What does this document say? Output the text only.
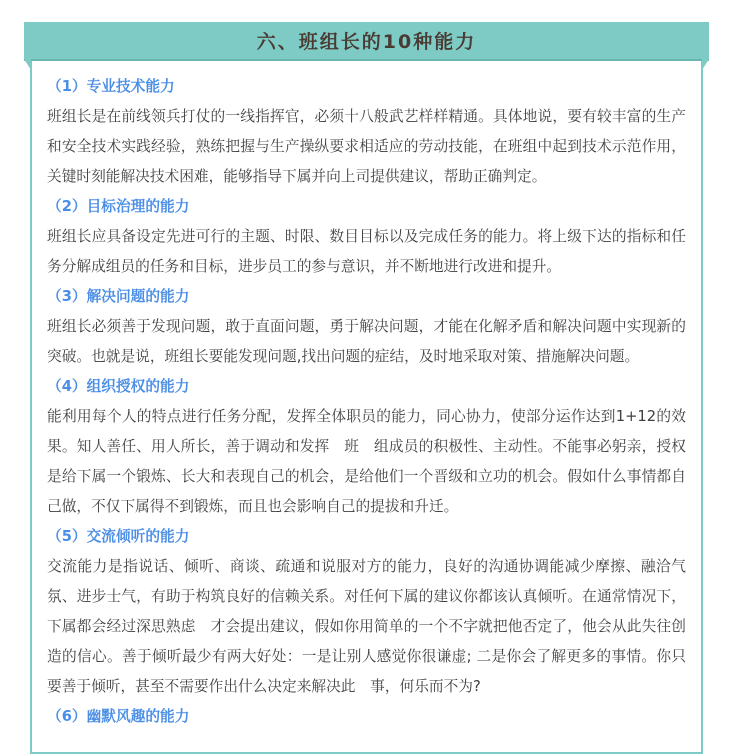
六、班组长的10种能力
（1）专业技术能力

班组长是在前线领兵打仗的一线指挥官，必须十八般武艺样样精通。具体地说，要有较丰富的生产和安全技术实践经验，熟练把握与生产操纵要求相适应的劳动技能，在班组中起到技术示范作用，关键时刻能解决技术困难，能够指导下属并向上司提供建议，帮助正确判定。

（2）目标治理的能力

班组长应具备设定先进可行的主题、时限、数目目标以及完成任务的能力。将上级下达的指标和任务分解成组员的任务和目标，进步员工的参与意识，并不断地进行改进和提升。

（3）解决问题的能力

班组长必须善于发现问题，敢于直面问题，勇于解决问题，才能在化解矛盾和解决问题中实现新的突破。也就是说，班组长要能发现问题,找出问题的症结，及时地采取对策、措施解决问题。

（4）组织授权的能力

能利用每个人的特点进行任务分配，发挥全体职员的能力，同心协力，使部分运作达到1+12的效果。知人善任、用人所长，善于调动和发挥　班　组成员的积极性、主动性。不能事必躬亲，授权是给下属一个锻炼、长大和表现自己的机会，是给他们一个晋级和立功的机会。假如什么事情都自己做，不仅下属得不到锻炼，而且也会影响自己的提拔和升迁。

（5）交流倾听的能力

交流能力是指说话、倾听、商谈、疏通和说服对方的能力，良好的沟通协调能减少摩擦、融洽气氛、进步士气，有助于构筑良好的信赖关系。对任何下属的建议你都该认真倾听。在通常情况下，下属都会经过深思熟虑　才会提出建议，假如你用简单的一个不字就把他否定了，他会从此失往创造的信心。善于倾听最少有两大好处：一是让别人感觉你很谦虚; 二是你会了解更多的事情。你只要善于倾听，甚至不需要作出什么决定来解决此　事，何乐而不为?

（6）幽默风趣的能力
